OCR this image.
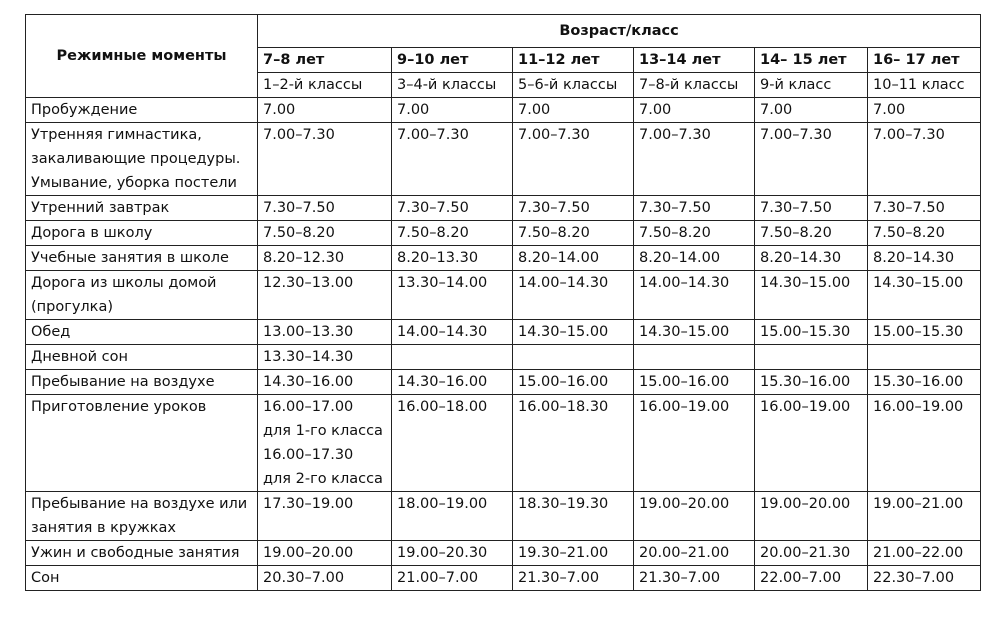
Режимные моменты	Возраст/класс					
	7–8 лет	9–10 лет	11–12 лет	13–14 лет	14– 15 лет	16– 17 лет
	1–2-й классы	3–4-й классы	5–6-й классы	7–8-й классы	9-й класс	10–11 класс

Пробуждение	7.00	7.00	7.00	7.00	7.00	7.00

Утренняя гимнастика,
закаливающие процедуры.
Умывание, уборка постели	7.00–7.30	7.00–7.30	7.00–7.30	7.00–7.30	7.00–7.30	7.00–7.30

Утренний завтрак	7.30–7.50	7.30–7.50	7.30–7.50	7.30–7.50	7.30–7.50	7.30–7.50

Дорога в школу	7.50–8.20	7.50–8.20	7.50–8.20	7.50–8.20	7.50–8.20	7.50–8.20

Учебные занятия в школе	8.20–12.30	8.20–13.30	8.20–14.00	8.20–14.00	8.20–14.30	8.20–14.30

Дорога из школы домой
(прогулка)	12.30–13.00	13.30–14.00	14.00–14.30	14.00–14.30	14.30–15.00	14.30–15.00

Обед	13.00–13.30	14.00–14.30	14.30–15.00	14.30–15.00	15.00–15.30	15.00–15.30

Дневной сон	13.30–14.30					

Пребывание на воздухе	14.30–16.00	14.30–16.00	15.00–16.00	15.00–16.00	15.30–16.00	15.30–16.00

Приготовление уроков	16.00–17.00
для 1-го класса
16.00–17.30
для 2-го класса	16.00–18.00	16.00–18.30	16.00–19.00	16.00–19.00	16.00–19.00

Пребывание на воздухе или
занятия в кружках	17.30–19.00	18.00–19.00	18.30–19.30	19.00–20.00	19.00–20.00	19.00–21.00

Ужин и свободные занятия	19.00–20.00	19.00–20.30	19.30–21.00	20.00–21.00	20.00–21.30	21.00–22.00

Сон	20.30–7.00	21.00–7.00	21.30–7.00	21.30–7.00	22.00–7.00	22.30–7.00
